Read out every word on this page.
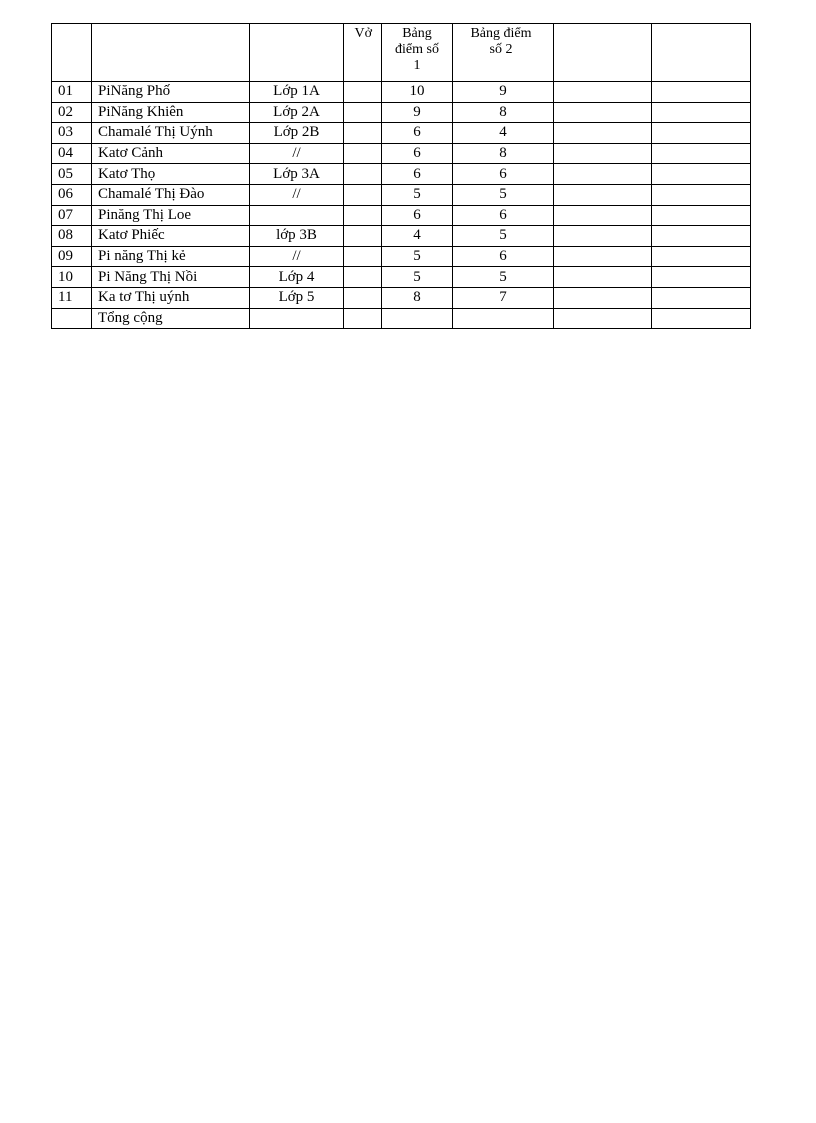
			Vở	Bảng điểm số 1	Bảng điểm số 2		
01	PiNăng Phố	Lớp 1A		10	9		
02	PiNăng Khiên	Lớp 2A		9	8		
03	Chamalé Thị Uýnh	Lớp 2B		6	4		
04	Katơ Cảnh	//		6	8		
05	Katơ Thọ	Lớp 3A		6	6		
06	Chamalé Thị Đào	//		5	5		
07	Pinăng Thị Loe			6	6		
08	Katơ Phiếc	lớp 3B		4	5		
09	Pi năng Thị kẻ	//		5	6		
10	Pi Năng Thị Nồi	Lớp 4		5	5		
11	Ka tơ Thị uýnh	Lớp 5		8	7		
	Tổng cộng						
